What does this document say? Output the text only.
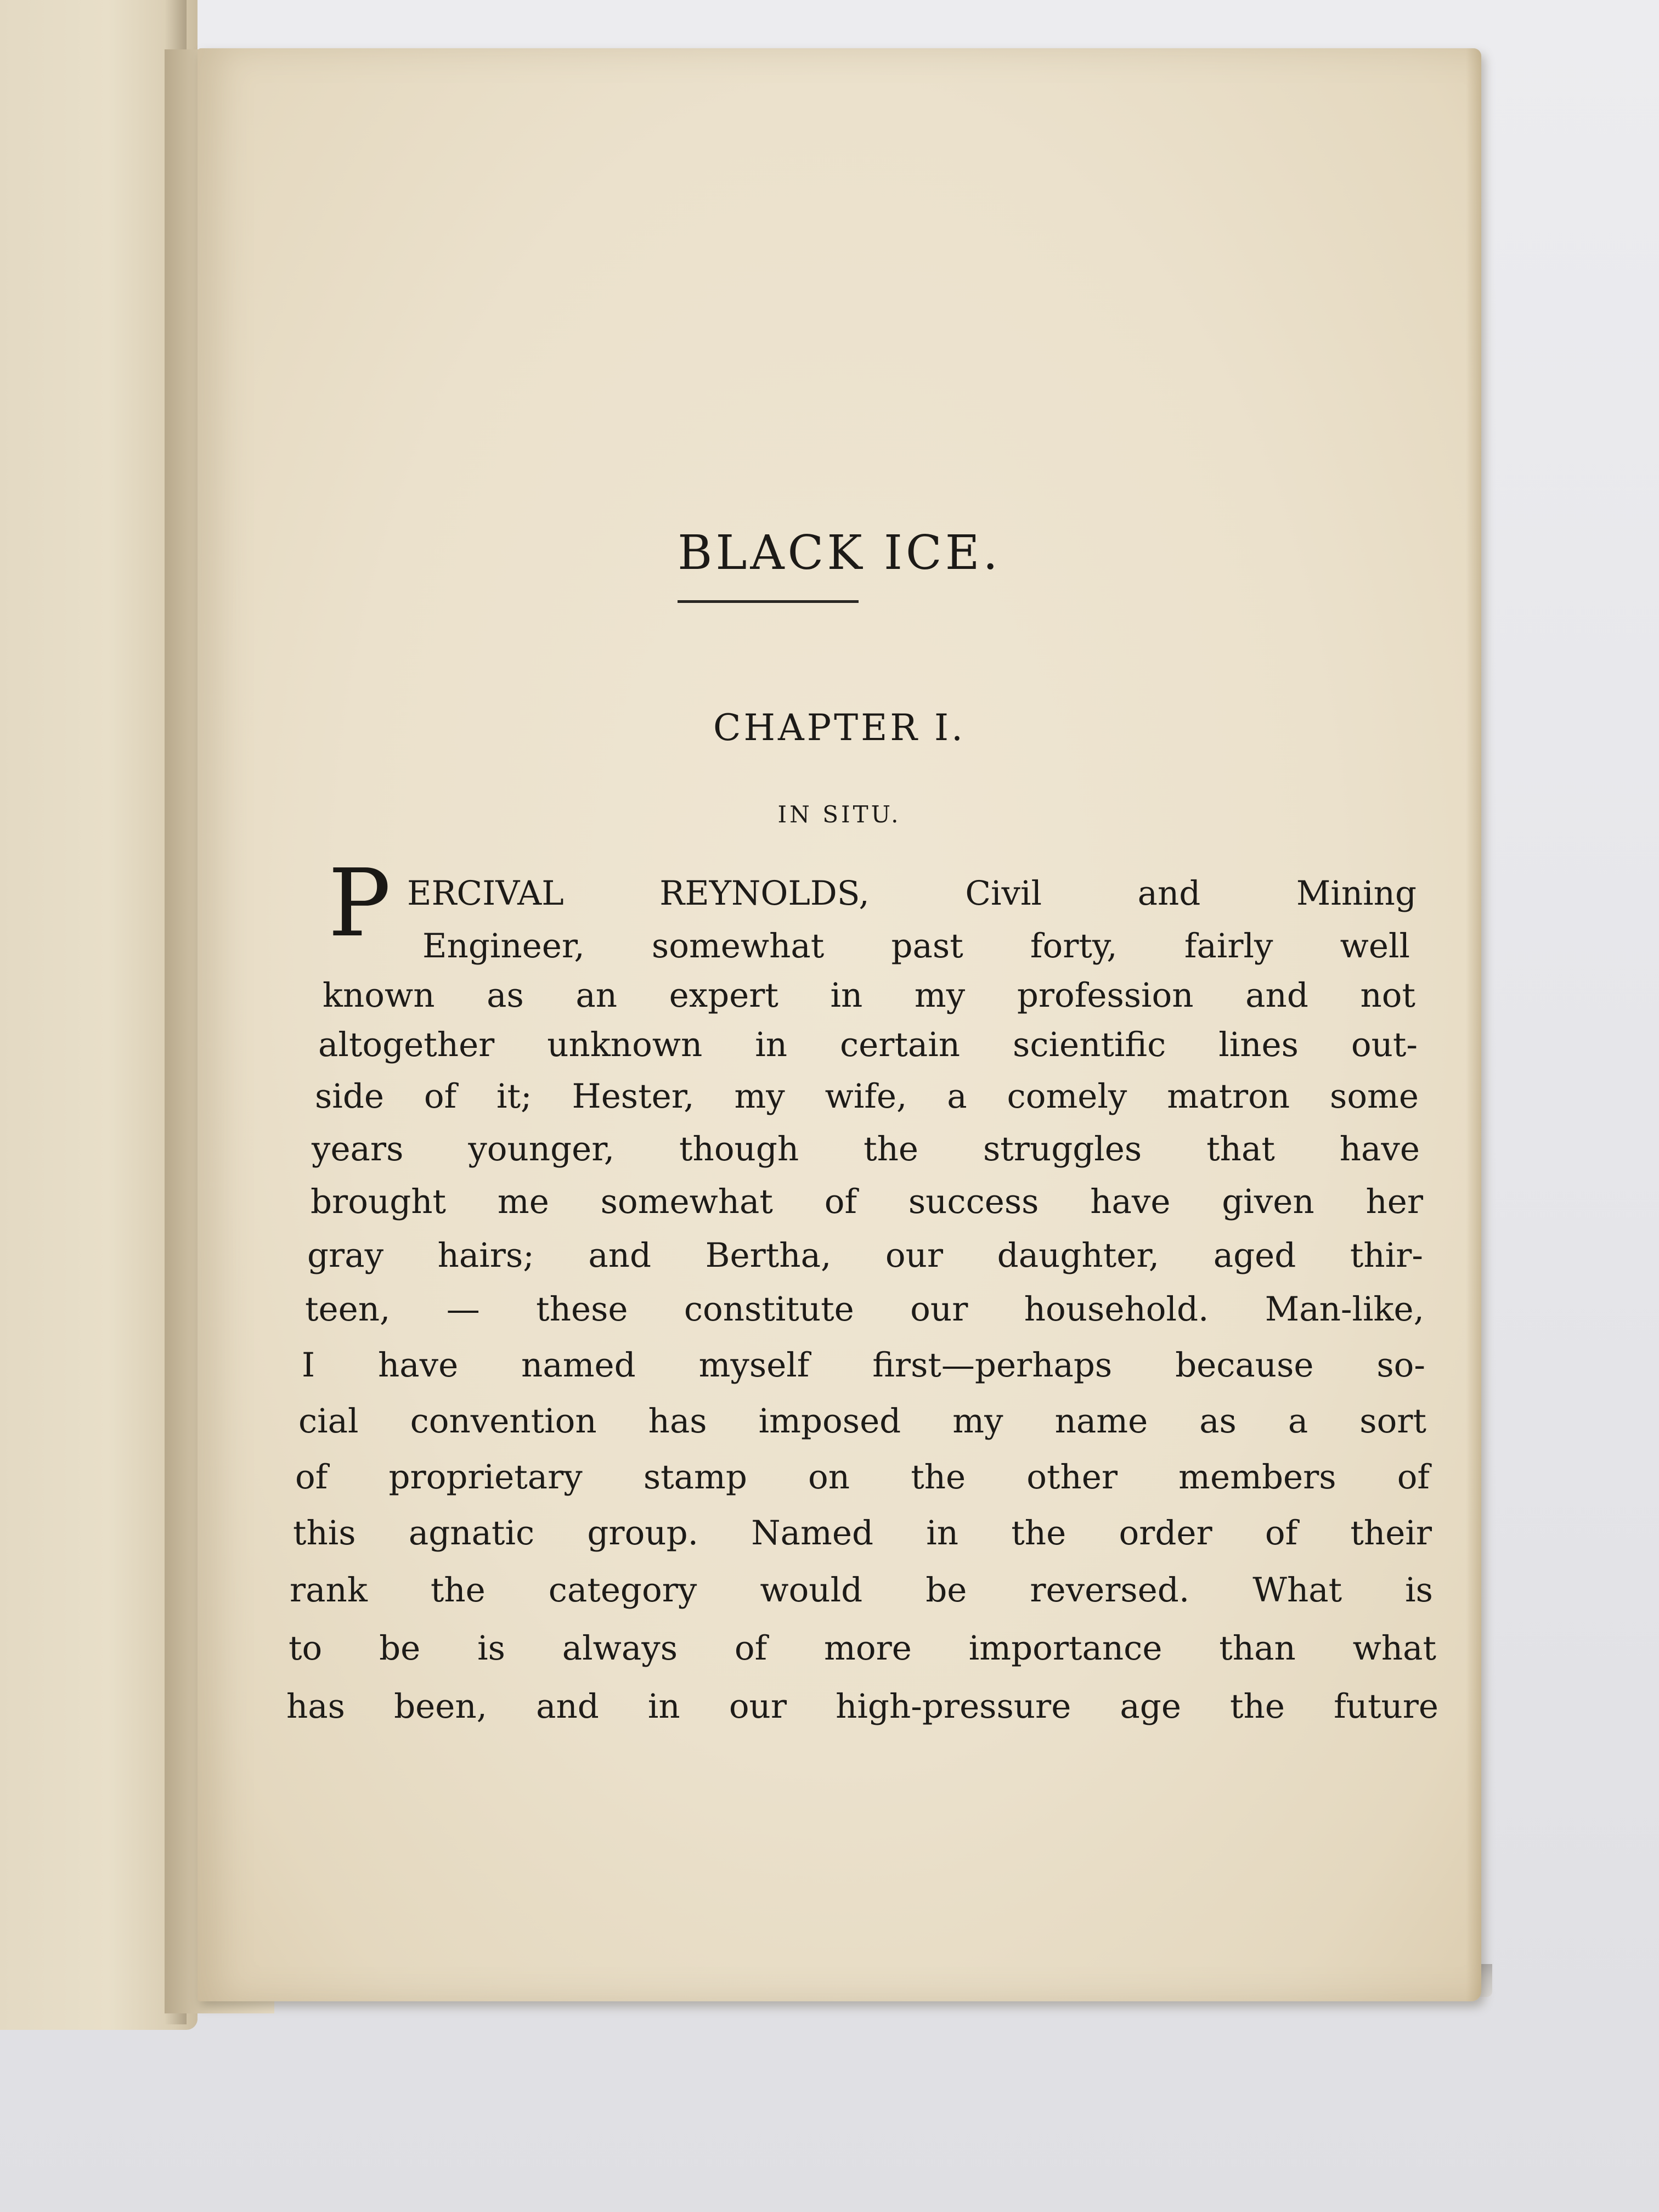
BLACK ICE.
CHAPTER I.
IN SITU.
P ERCIVAL REYNOLDS, Civil and Mining
Engineer, somewhat past forty, fairly well
known as an expert in my profession and not
altogether unknown in certain scientific lines out-
side of it; Hester, my wife, a comely matron some
years younger, though the struggles that have
brought me somewhat of success have given her
gray hairs; and Bertha, our daughter, aged thir-
teen, — these constitute our household. Man-like,
I have named myself first—perhaps because so-
cial convention has imposed my name as a sort
of proprietary stamp on the other members of
this agnatic group. Named in the order of their
rank the category would be reversed. What is
to be is always of more importance than what
has been, and in our high-pressure age the future
